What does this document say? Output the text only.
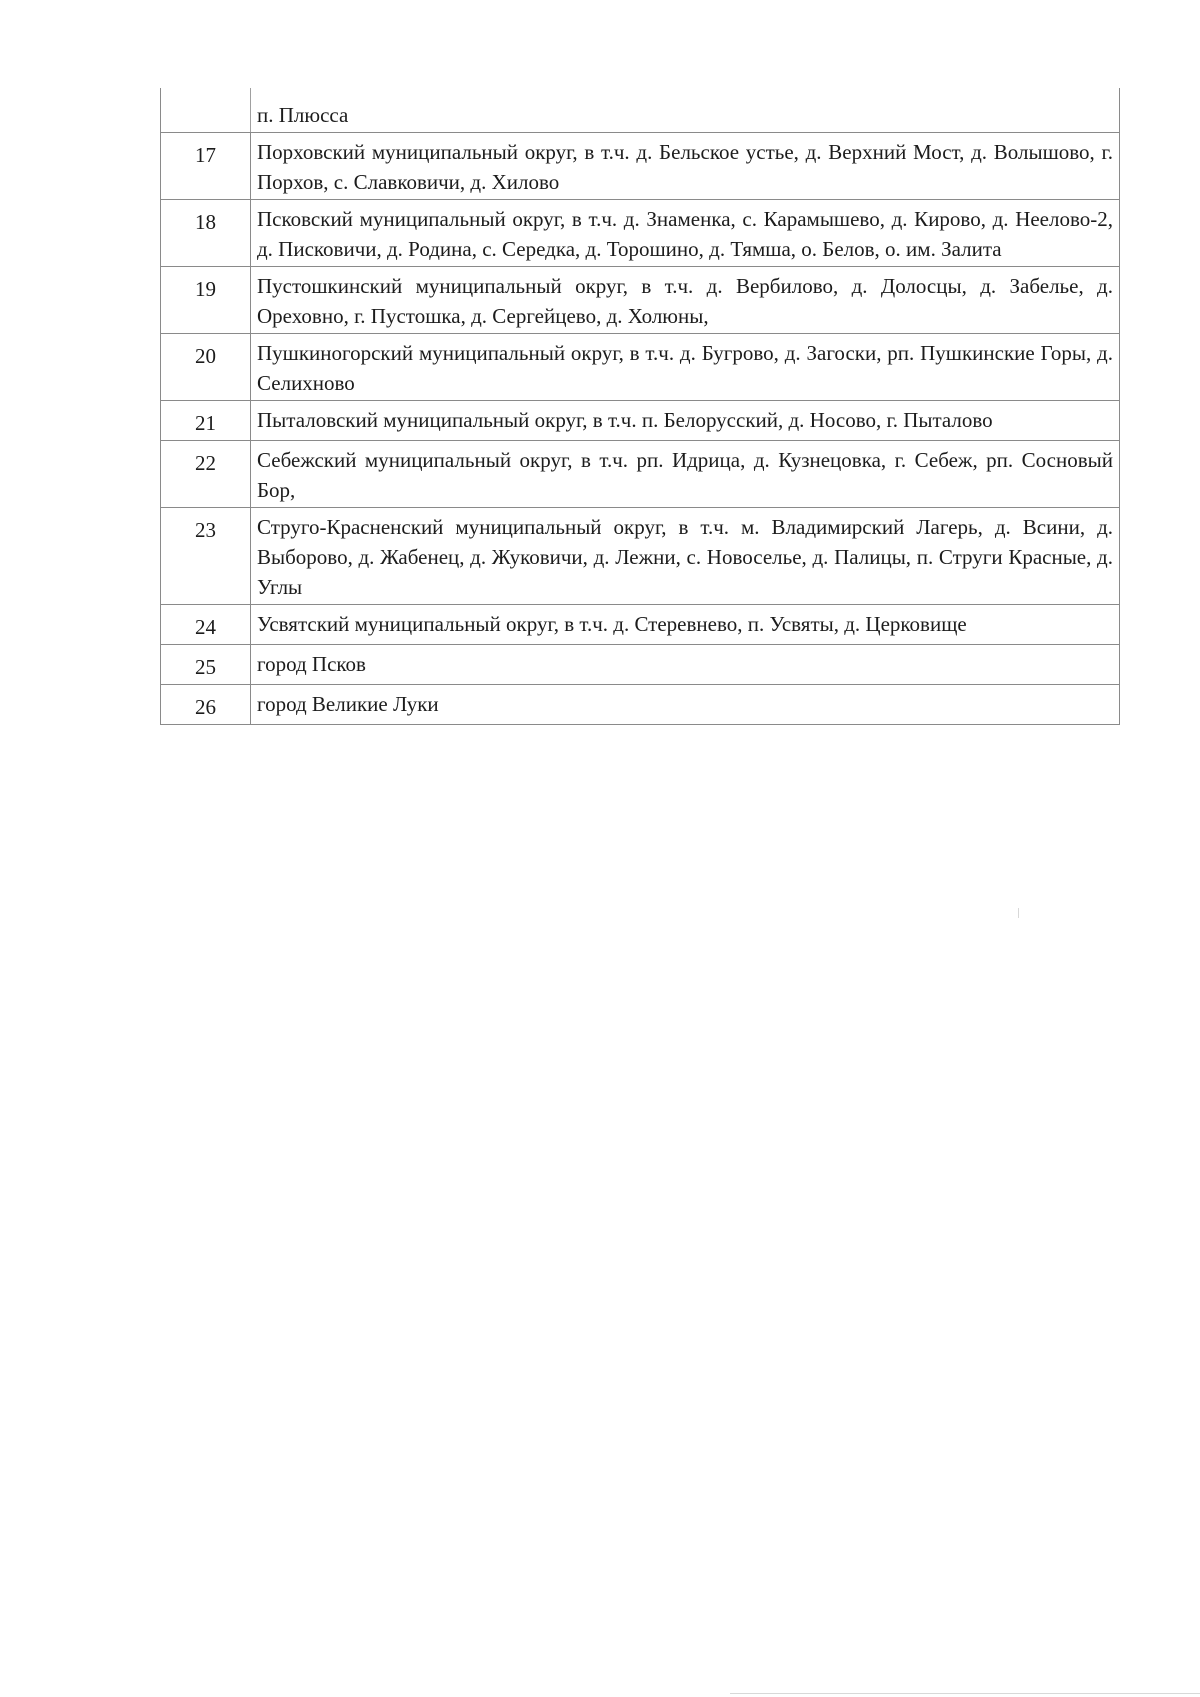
	п. Плюсса
17	Порховский муниципальный округ, в т.ч. д. Бельское устье, д. Верхний Мост, д. Волышово, г. Порхов, с. Славковичи, д. Хилово
18	Псковский муниципальный округ, в т.ч. д. Знаменка, с. Карамышево, д. Кирово, д. Неелово-2, д. Писковичи, д. Родина, с. Середка, д. Торошино, д. Тямша, о. Белов, о. им. Залита
19	Пустошкинский муниципальный округ, в т.ч. д. Вербилово, д. Долосцы, д. Забелье, д. Ореховно, г. Пустошка, д. Сергейцево, д. Холюны,
20	Пушкиногорский муниципальный округ, в т.ч. д. Бугрово, д. Загоски, рп. Пушкинские Горы, д. Селихново
21	Пыталовский муниципальный округ, в т.ч. п. Белорусский, д. Носово, г. Пыталово
22	Себежский муниципальный округ, в т.ч. рп. Идрица, д. Кузнецовка, г. Себеж, рп. Сосновый Бор,
23	Струго-Красненский муниципальный округ, в т.ч. м. Владимирский Лагерь, д. Всини, д. Выборово, д. Жабенец, д. Жуковичи, д. Лежни, с. Новоселье, д. Палицы, п. Струги Красные, д. Углы
24	Усвятский муниципальный округ, в т.ч. д. Стеревнево, п. Усвяты, д. Церковище
25	город Псков
26	город Великие Луки
